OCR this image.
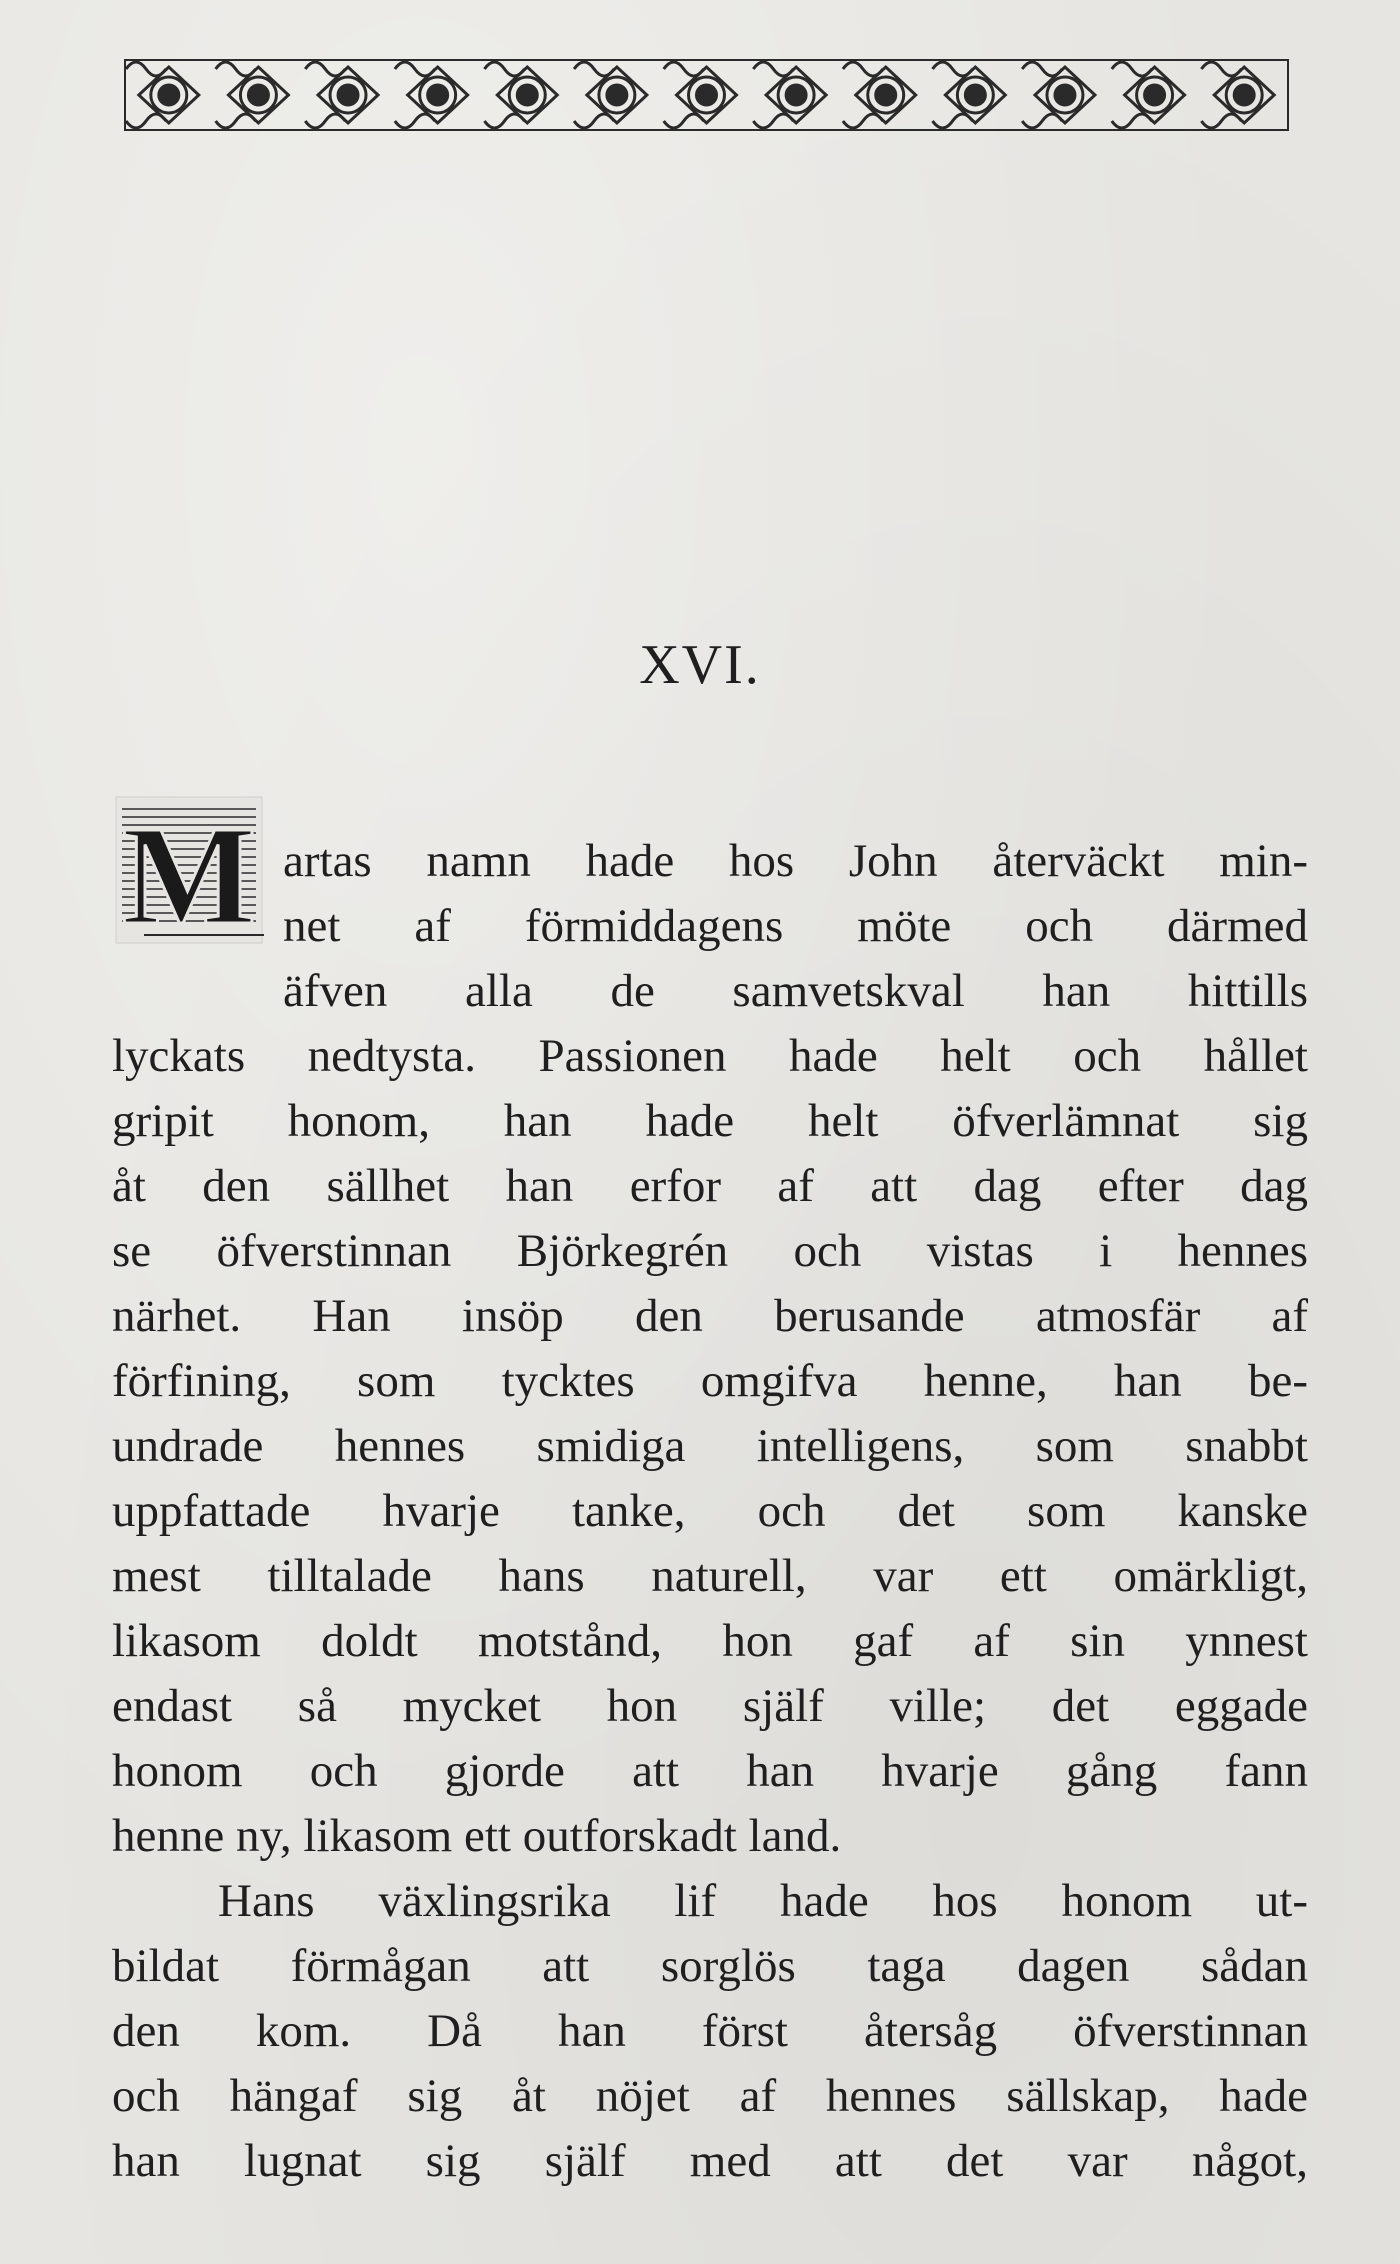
XVI.
M artas namn hade hos John återväckt min-
net af förmiddagens möte och därmed
äfven alla de samvetskval han hittills
lyckats nedtysta. Passionen hade helt och hållet
gripit honom, han hade helt öfverlämnat sig
åt den sällhet han erfor af att dag efter dag
se öfverstinnan Björkegrén och vistas i hennes
närhet. Han insöp den berusande atmosfär af
förfining, som tycktes omgifva henne, han be-
undrade hennes smidiga intelligens, som snabbt
uppfattade hvarje tanke, och det som kanske
mest tilltalade hans naturell, var ett omärkligt,
likasom doldt motstånd, hon gaf af sin ynnest
endast så mycket hon själf ville; det eggade
honom och gjorde att han hvarje gång fann
henne ny, likasom ett outforskadt land.
Hans växlingsrika lif hade hos honom ut-
bildat förmågan att sorglös taga dagen sådan
den kom. Då han först återsåg öfverstinnan
och hängaf sig åt nöjet af hennes sällskap, hade
han lugnat sig själf med att det var något,
